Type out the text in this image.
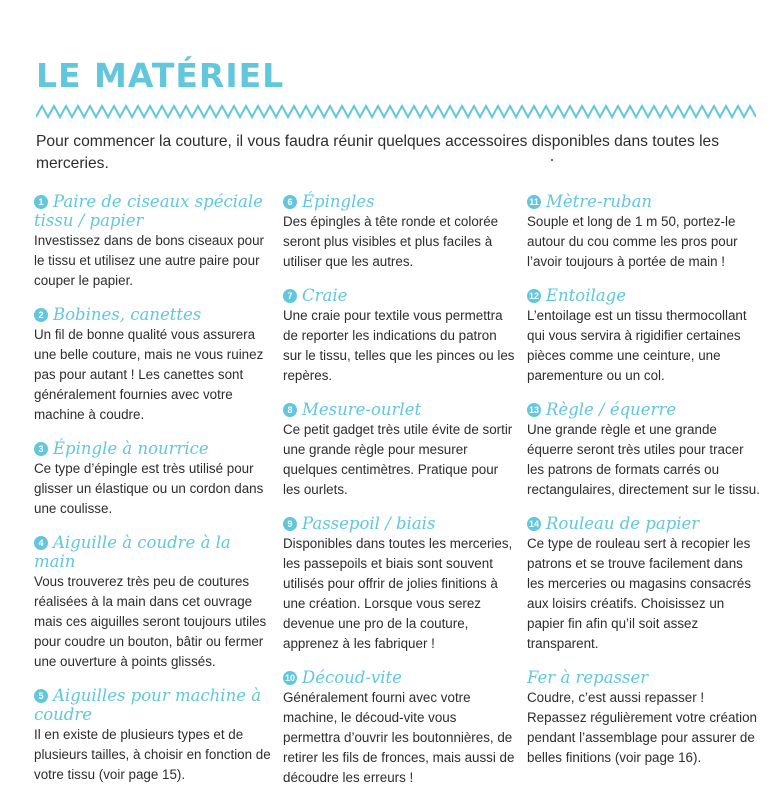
LE MATÉRIEL

Pour commencer la couture, il vous faudra réunir quelques accessoires disponibles dans toutes les merceries.

1 Paire de ciseaux spéciale tissu / papier

Investissez dans de bons ciseaux pour le tissu et utilisez une autre paire pour couper le papier.

2 Bobines, canettes

Un fil de bonne qualité vous assurera une belle couture, mais ne vous ruinez pas pour autant ! Les canettes sont généralement fournies avec votre machine à coudre.

3 Épingle à nourrice

Ce type d’épingle est très utilisé pour glisser un élastique ou un cordon dans une coulisse.

4 Aiguille à coudre à la main

Vous trouverez très peu de coutures réalisées à la main dans cet ouvrage mais ces aiguilles seront toujours utiles pour coudre un bouton, bâtir ou fermer une ouverture à points glissés.

5 Aiguilles pour machine à coudre

Il en existe de plusieurs types et de plusieurs tailles, à choisir en fonction de votre tissu (voir page 15).

6 Épingles

Des épingles à tête ronde et colorée seront plus visibles et plus faciles à utiliser que les autres.

7 Craie

Une craie pour textile vous permettra de reporter les indications du patron sur le tissu, telles que les pinces ou les repères.

8 Mesure-ourlet

Ce petit gadget très utile évite de sortir une grande règle pour mesurer quelques centimètres. Pratique pour les ourlets.

9 Passepoil / biais

Disponibles dans toutes les merceries, les passepoils et biais sont souvent utilisés pour offrir de jolies finitions à une création. Lorsque vous serez devenue une pro de la couture, apprenez à les fabriquer !

10 Découd-vite

Généralement fourni avec votre machine, le découd-vite vous permettra d’ouvrir les boutonnières, de retirer les fils de fronces, mais aussi de découdre les erreurs !

11 Mètre-ruban

Souple et long de 1 m 50, portez-le autour du cou comme les pros pour l’avoir toujours à portée de main !

12 Entoilage

L’entoilage est un tissu thermocollant qui vous servira à rigidifier certaines pièces comme une ceinture, une parementure ou un col.

13 Règle / équerre

Une grande règle et une grande équerre seront très utiles pour tracer les patrons de formats carrés ou rectangulaires, directement sur le tissu.

14 Rouleau de papier

Ce type de rouleau sert à recopier les patrons et se trouve facilement dans les merceries ou magasins consacrés aux loisirs créatifs. Choisissez un papier fin afin qu’il soit assez transparent.

Fer à repasser

Coudre, c’est aussi repasser ! Repassez régulièrement votre création pendant l’assemblage pour assurer de belles finitions (voir page 16).
